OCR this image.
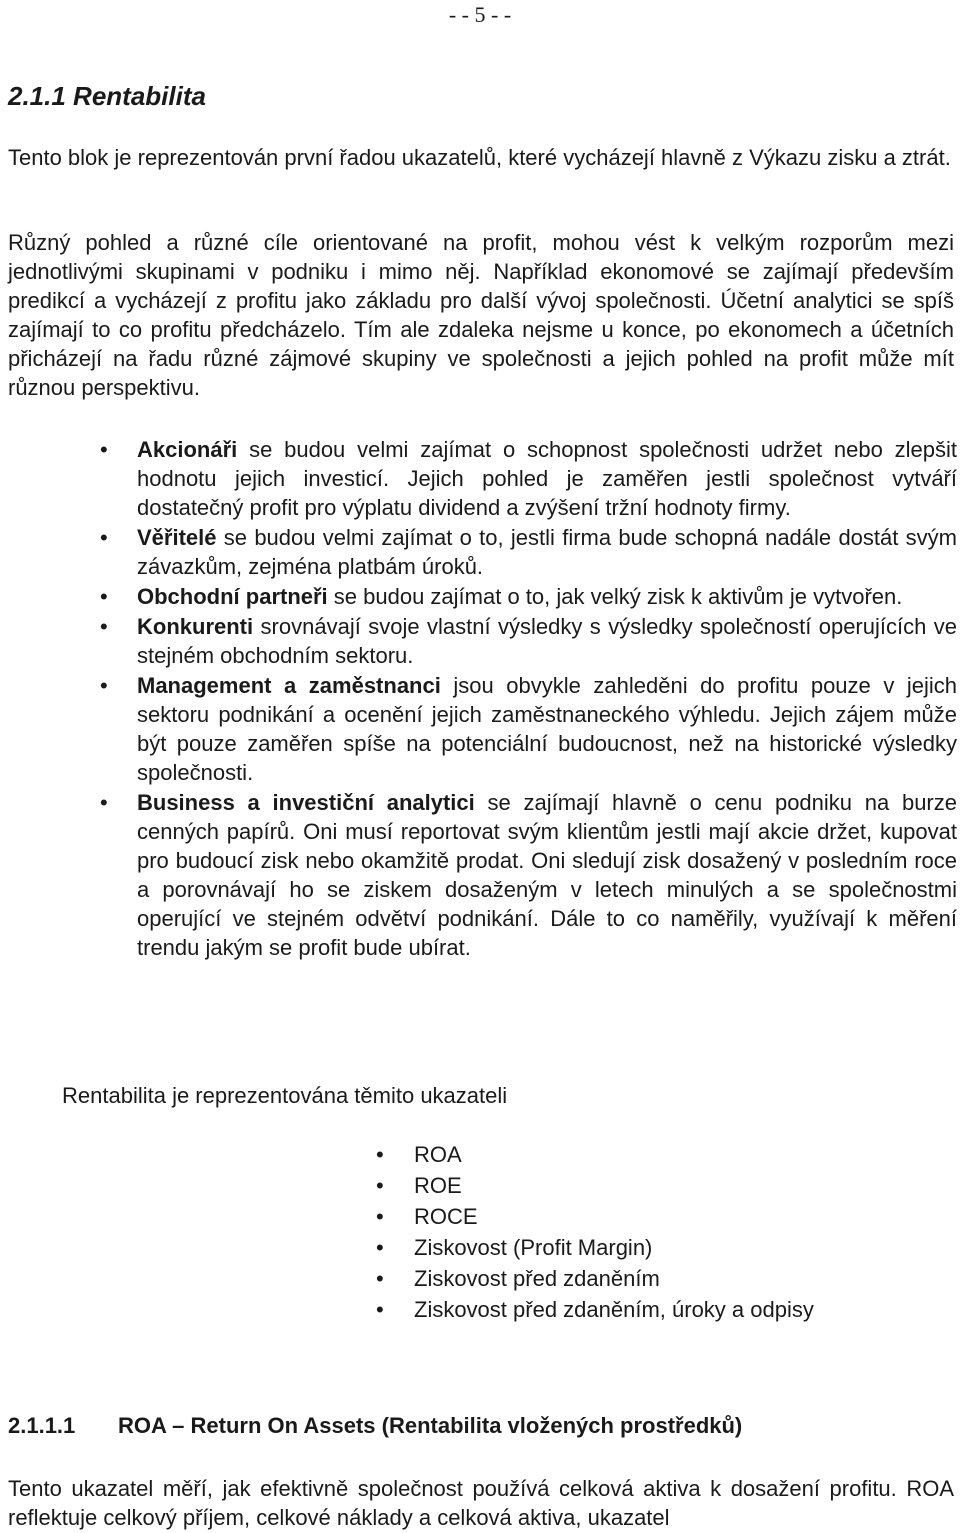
- - 5 - -
2.1.1 Rentabilita

Tento blok je reprezentován první řadou ukazatelů, které vycházejí hlavně z Výkazu zisku a ztrát.

Různý pohled a různé cíle orientované na profit, mohou vést k velkým rozporům mezi jednotlivými skupinami v podniku i mimo něj. Například ekonomové se zajímají především predikcí a vycházejí z profitu jako základu pro další vývoj společnosti. Účetní analytici se spíš zajímají to co profitu předcházelo. Tím ale zdaleka nejsme u konce, po ekonomech a účetních přicházejí na řadu různé zájmové skupiny ve společnosti a jejich pohled na profit může mít různou perspektivu.

• Akcionáři se budou velmi zajímat o schopnost společnosti udržet nebo zlepšit hodnotu jejich investicí. Jejich pohled je zaměřen jestli společnost vytváří dostatečný profit pro výplatu dividend a zvýšení tržní hodnoty firmy.
• Věřitelé se budou velmi zajímat o to, jestli firma bude schopná nadále dostát svým závazkům, zejména platbám úroků.
• Obchodní partneři se budou zajímat o to, jak velký zisk k aktivům je vytvořen.
• Konkurenti srovnávají svoje vlastní výsledky s výsledky společností operujících ve stejném obchodním sektoru.
• Management a zaměstnanci jsou obvykle zahleděni do profitu pouze v jejich sektoru podnikání a ocenění jejich zaměstnaneckého výhledu. Jejich zájem může být pouze zaměřen spíše na potenciální budoucnost, než na historické výsledky společnosti.
• Business a investiční analytici se zajímají hlavně o cenu podniku na burze cenných papírů. Oni musí reportovat svým klientům jestli mají akcie držet, kupovat pro budoucí zisk nebo okamžitě prodat. Oni sledují zisk dosažený v posledním roce a porovnávají ho se ziskem dosaženým v letech minulých a se společnostmi operující ve stejném odvětví podnikání. Dále to co naměřily, využívají k měření trendu jakým se profit bude ubírat.

Rentabilita je reprezentována těmito ukazateli

• ROA
• ROE
• ROCE
• Ziskovost (Profit Margin)
• Ziskovost před zdaněním
• Ziskovost před zdaněním, úroky a odpisy
2.1.1.1 ROA – Return On Assets (Rentabilita vložených prostředků)

Tento ukazatel měří, jak efektivně společnost používá celková aktiva k dosažení profitu. ROA reflektuje celkový příjem, celkové náklady a celková aktiva, ukazatel
